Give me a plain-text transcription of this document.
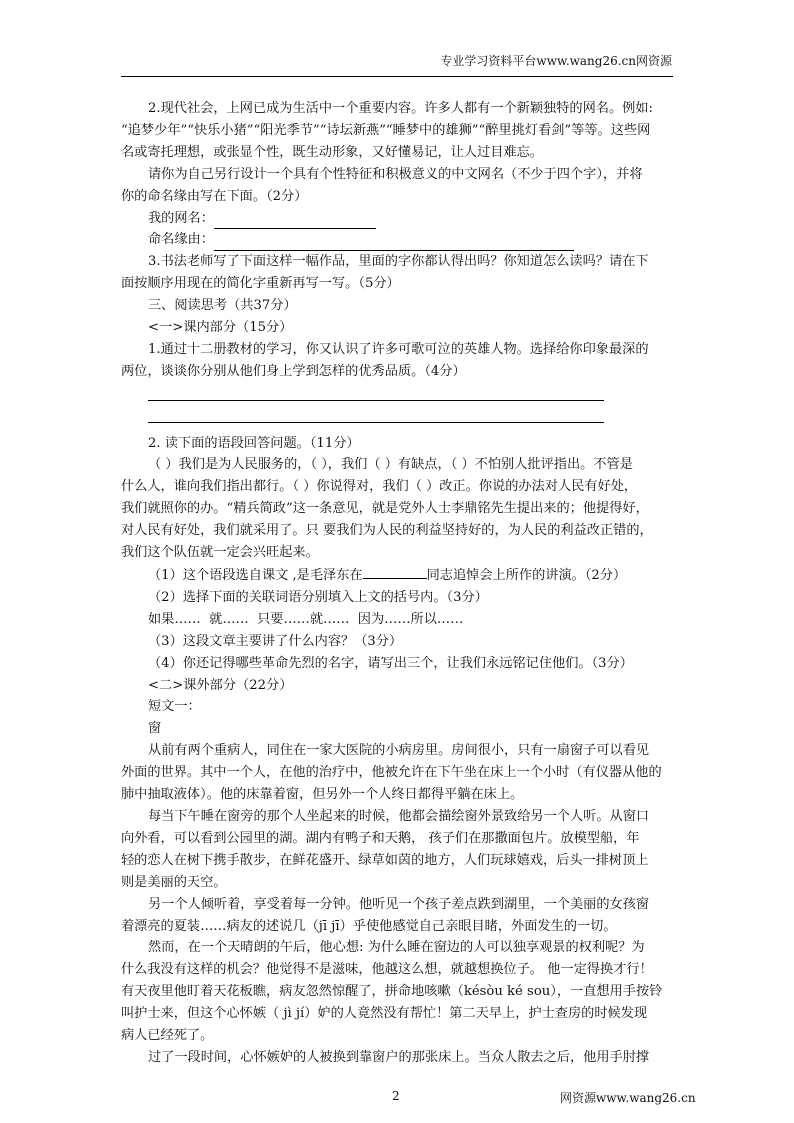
专业学习资料平台www.wang26.cn网资源

2.现代社会，上网已成为生活中一个重要内容。许多人都有一个新颖独特的网名。例如:

“追梦少年”“快乐小猪”“阳光季节”“诗坛新燕”“睡梦中的雄狮”“醉里挑灯看剑”等等。这些网

名或寄托理想，或张显个性，既生动形象，又好懂易记，让人过目难忘。

请你为自己另行设计一个具有个性特征和积极意义的中文网名（不少于四个字），并将

你的命名缘由写在下面。（2分）

我的网名：
命名缘由：

3.书法老师写了下面这样一幅作品，里面的字你都认得出吗？你知道怎么读吗？请在下

面按顺序用现在的简化字重新再写一写。（5分）

三、阅读思考（共37分）

<一>课内部分（15分）

1.通过十二册教材的学习，你又认识了许多可歌可泣的英雄人物。选择给你印象最深的

两位，谈谈你分别从他们身上学到怎样的优秀品质。（4分）

2. 读下面的语段回答问题。（11分）

（ ）我们是为人民服务的，（ ），我们（ ）有缺点，（ ）不怕别人批评指出。不管是

什么人，谁向我们指出都行。（ ）你说得对，我们（ ）改正。你说的办法对人民有好处，

我们就照你的办。“精兵简政”这一条意见，就是党外人士李鼎铭先生提出来的；他提得好，

对人民有好处，我们就采用了。只 要我们为人民的利益坚持好的，为人民的利益改正错的，

我们这个队伍就一定会兴旺起来。

（1）这个语段选自课文 ,是毛泽东在	同志追悼会上所作的讲演。（2分）

（2）选择下面的关联词语分别填入上文的括号内。（3分）

如果……  就……  只要……就……  因为……所以……

（3）这段文章主要讲了什么内容？（3分）

（4）你还记得哪些革命先烈的名字，请写出三个，让我们永远铭记住他们。（3分）

<二>课外部分（22分）

短文一：

窗

从前有两个重病人，同住在一家大医院的小病房里。房间很小，只有一扇窗子可以看见

外面的世界。其中一个人，在他的治疗中，他被允许在下午坐在床上一个小时（有仪器从他的

肺中抽取液体）。他的床靠着窗，但另外一个人终日都得平躺在床上。

每当下午睡在窗旁的那个人坐起来的时候，他都会描绘窗外景致给另一个人听。从窗口

向外看，可以看到公园里的湖。湖内有鸭子和天鹅， 孩子们在那撒面包片。放模型船，年

轻的恋人在树下携手散步，在鲜花盛开、绿草如茵的地方，人们玩球嬉戏，后头一排树顶上

则是美丽的天空。

另一个人倾听着，享受着每一分钟。他听见一个孩子差点跌到湖里，一个美丽的女孩窗

着漂亮的夏装……病友的述说几（jī jī）乎使他感觉自己亲眼目睹，外面发生的一切。

然而，在一个天晴朗的午后，他心想: 为什么睡在窗边的人可以独享观景的权利呢？为

什么我没有这样的机会？他觉得不是滋味，他越这么想，就越想换位子。 他一定得换才行！

有天夜里他盯着天花板瞧，病友忽然惊醒了，拼命地咳嗽（késòu ké sou），一直想用手按铃

叫护士来，但这个心怀嫉（ jì jí）妒的人竟然没有帮忙！第二天早上，护士查房的时候发现

病人已经死了。

过了一段时间，心怀嫉妒的人被换到靠窗户的那张床上。当众人散去之后，他用手肘撑

2	网资源www.wang26.cn
